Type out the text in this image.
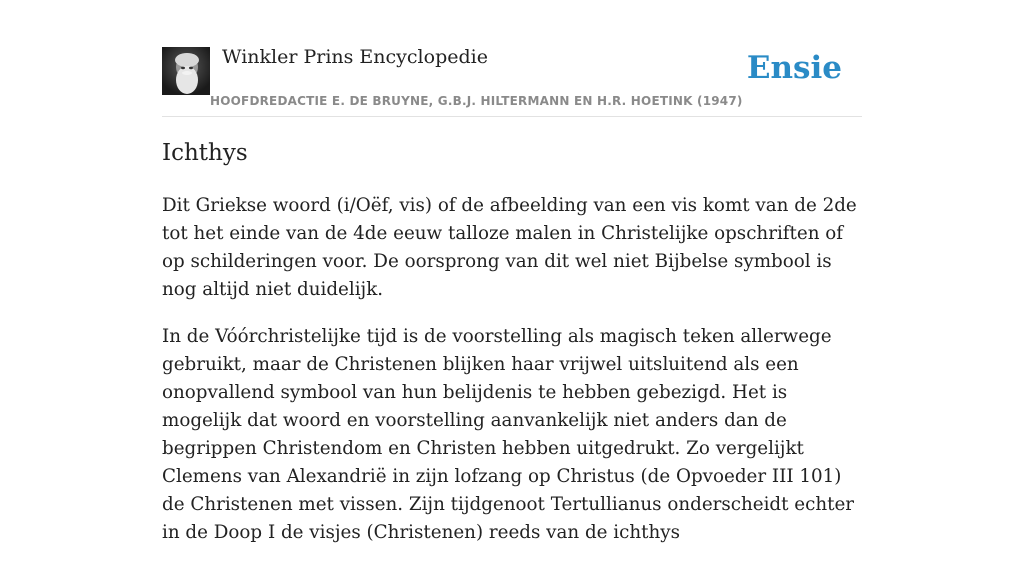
Winkler Prins Encyclopedie
HOOFDREDACTIE E. DE BRUYNE, G.B.J. HILTERMANN EN H.R. HOETINK (1947)
Ensie
Ichthys

Dit Griekse woord (i/Oëf, vis) of de afbeelding van een vis komt van de 2de tot het einde van de 4de eeuw talloze malen in Christelijke opschriften of op schilderingen voor. De oorsprong van dit wel niet Bijbelse symbool is nog altijd niet duidelijk.

In de Vóórchristelijke tijd is de voorstelling als magisch teken allerwege gebruikt, maar de Christenen blijken haar vrijwel uitsluitend als een onopvallend symbool van hun belijdenis te hebben gebezigd. Het is mogelijk dat woord en voorstelling aanvankelijk niet anders dan de begrippen Christendom en Christen hebben uitgedrukt. Zo vergelijkt Clemens van Alexandrië in zijn lofzang op Christus (de Opvoeder III 101) de Christenen met vissen. Zijn tijdgenoot Tertullianus onderscheidt echter in de Doop I de visjes (Christenen) reeds van de ichthys
